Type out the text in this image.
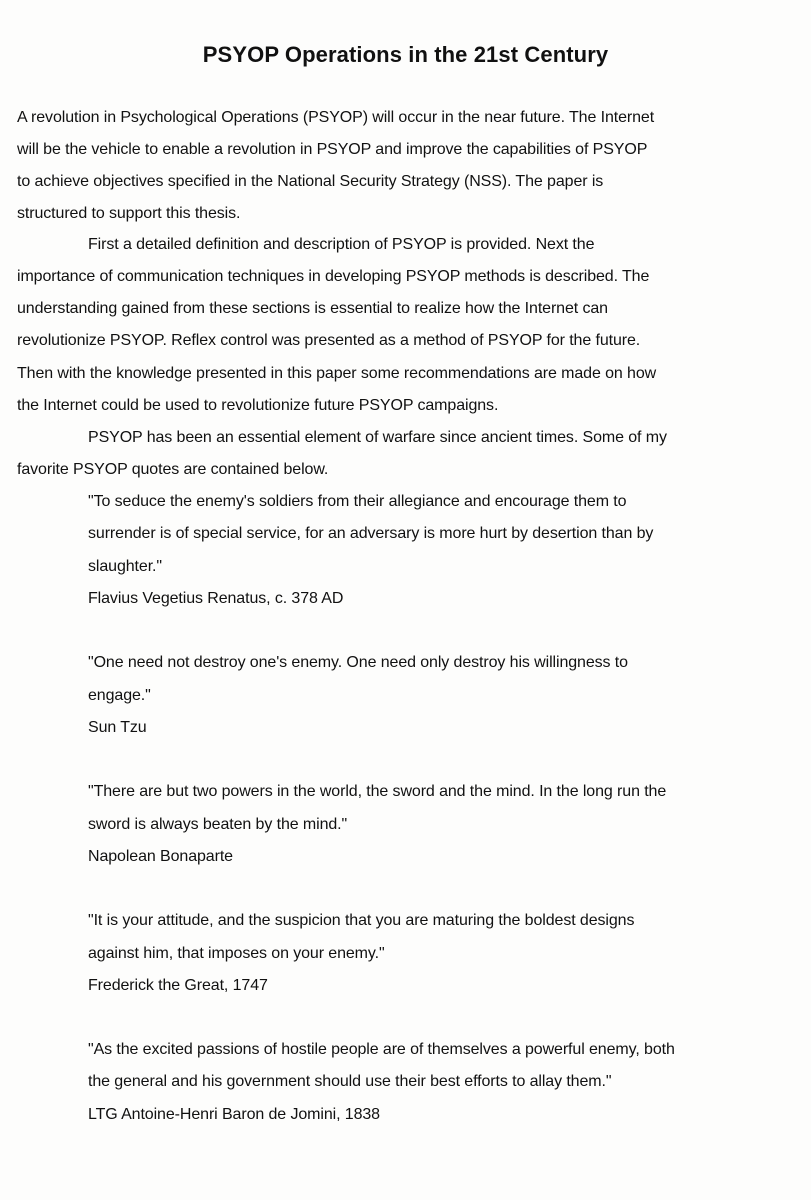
PSYOP Operations in the 21st Century
A revolution in Psychological Operations (PSYOP) will occur in the near future. The Internet
will be the vehicle to enable a revolution in PSYOP and improve the capabilities of PSYOP
to achieve objectives specified in the National Security Strategy (NSS). The paper is
structured to support this thesis.
First a detailed definition and description of PSYOP is provided. Next the
importance of communication techniques in developing PSYOP methods is described. The
understanding gained from these sections is essential to realize how the Internet can
revolutionize PSYOP. Reflex control was presented as a method of PSYOP for the future.
Then with the knowledge presented in this paper some recommendations are made on how
the Internet could be used to revolutionize future PSYOP campaigns.
PSYOP has been an essential element of warfare since ancient times. Some of my
favorite PSYOP quotes are contained below.
"To seduce the enemy's soldiers from their allegiance and encourage them to
surrender is of special service, for an adversary is more hurt by desertion than by
slaughter."
Flavius Vegetius Renatus, c. 378 AD
"One need not destroy one's enemy. One need only destroy his willingness to
engage."
Sun Tzu
"There are but two powers in the world, the sword and the mind. In the long run the
sword is always beaten by the mind."
Napolean Bonaparte
"It is your attitude, and the suspicion that you are maturing the boldest designs
against him, that imposes on your enemy."
Frederick the Great, 1747
"As the excited passions of hostile people are of themselves a powerful enemy, both
the general and his government should use their best efforts to allay them."
LTG Antoine-Henri Baron de Jomini, 1838
